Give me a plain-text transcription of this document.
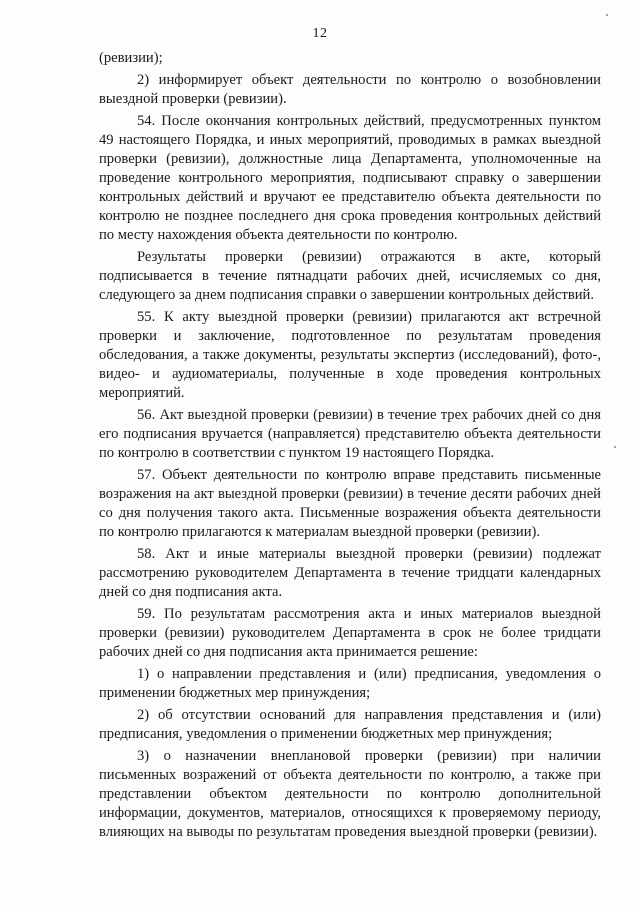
12

(ревизии);

2) информирует объект деятельности по контролю о возобновлении выездной проверки (ревизии).

54. После окончания контрольных действий, предусмотренных пунктом 49 настоящего Порядка, и иных мероприятий, проводимых в рамках выездной проверки (ревизии), должностные лица Департамента, уполномоченные на проведение контрольного мероприятия, подписывают справку о завершении контрольных действий и вручают ее представителю объекта деятельности по контролю не позднее последнего дня срока проведения контрольных действий по месту нахождения объекта деятельности по контролю.

Результаты проверки (ревизии) отражаются в акте, который подписывается в течение пятнадцати рабочих дней, исчисляемых со дня, следующего за днем подписания справки о завершении контрольных действий.

55. К акту выездной проверки (ревизии) прилагаются акт встречной проверки и заключение, подготовленное по результатам проведения обследования, а также документы, результаты экспертиз (исследований), фото-, видео- и аудиоматериалы, полученные в ходе проведения контрольных мероприятий.

56. Акт выездной проверки (ревизии) в течение трех рабочих дней со дня его подписания вручается (направляется) представителю объекта деятельности по контролю в соответствии с пунктом 19 настоящего Порядка.

57. Объект деятельности по контролю вправе представить письменные возражения на акт выездной проверки (ревизии) в течение десяти рабочих дней со дня получения такого акта. Письменные возражения объекта деятельности по контролю прилагаются к материалам выездной проверки (ревизии).

58. Акт и иные материалы выездной проверки (ревизии) подлежат рассмотрению руководителем Департамента в течение тридцати календарных дней со дня подписания акта.

59. По результатам рассмотрения акта и иных материалов выездной проверки (ревизии) руководителем Департамента в срок не более тридцати рабочих дней со дня подписания акта принимается решение:

1) о направлении представления и (или) предписания, уведомления о применении бюджетных мер принуждения;

2) об отсутствии оснований для направления представления и (или) предписания, уведомления о применении бюджетных мер принуждения;

3) о назначении внеплановой проверки (ревизии) при наличии письменных возражений от объекта деятельности по контролю, а также при представлении объектом деятельности по контролю дополнительной информации, документов, материалов, относящихся к проверяемому периоду, влияющих на выводы по результатам проведения выездной проверки (ревизии).
